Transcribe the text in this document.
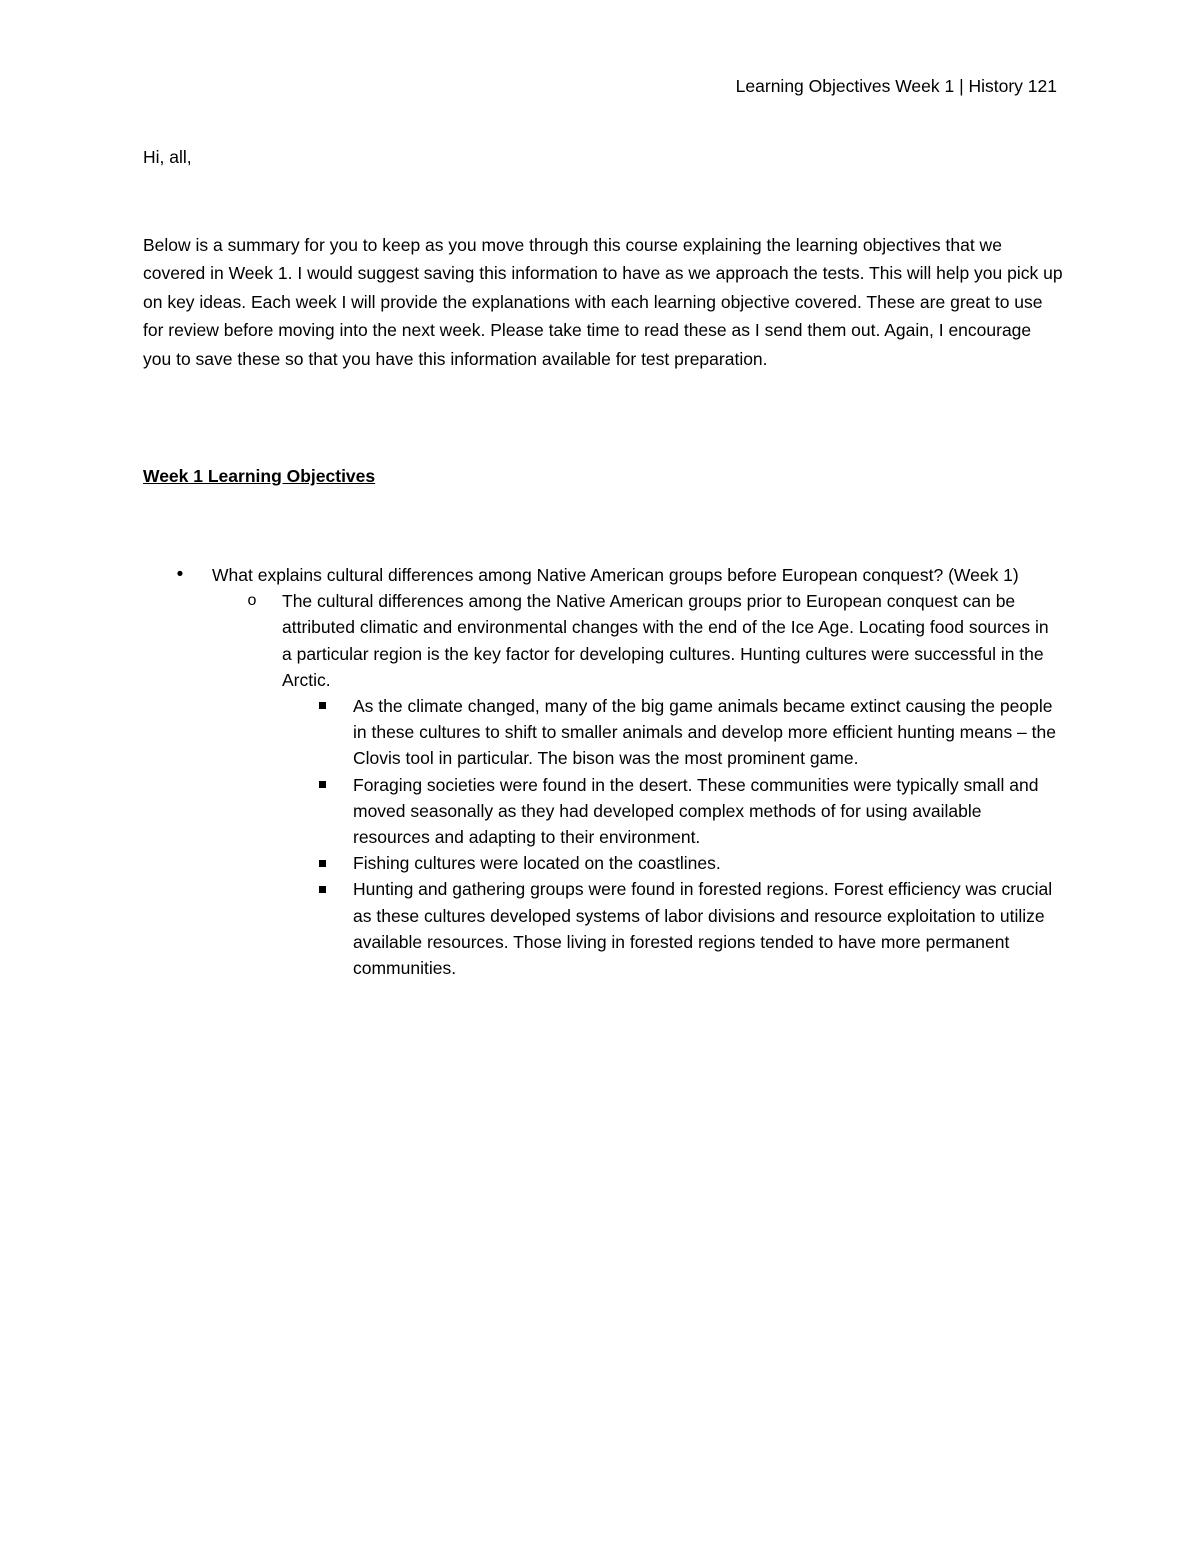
Learning Objectives Week 1 | History 121
Hi, all,

Below is a summary for you to keep as you move through this course explaining the learning objectives that we covered in Week 1. I would suggest saving this information to have as we approach the tests. This will help you pick up on key ideas. Each week I will provide the explanations with each learning objective covered. These are great to use for review before moving into the next week. Please take time to read these as I send them out. Again, I encourage you to save these so that you have this information available for test preparation.

Week 1 Learning Objectives
•	What explains cultural differences among Native American groups before European conquest? (Week 1)
o	The cultural differences among the Native American groups prior to European conquest can be attributed climatic and environmental changes with the end of the Ice Age. Locating food sources in a particular region is the key factor for developing cultures. Hunting cultures were successful in the Arctic.
As the climate changed, many of the big game animals became extinct causing the people in these cultures to shift to smaller animals and develop more efficient hunting means – the Clovis tool in particular. The bison was the most prominent game.
Foraging societies were found in the desert. These communities were typically small and moved seasonally as they had developed complex methods of for using available resources and adapting to their environment.
Fishing cultures were located on the coastlines.
Hunting and gathering groups were found in forested regions. Forest efficiency was crucial as these cultures developed systems of labor divisions and resource exploitation to utilize available resources. Those living in forested regions tended to have more permanent communities.
